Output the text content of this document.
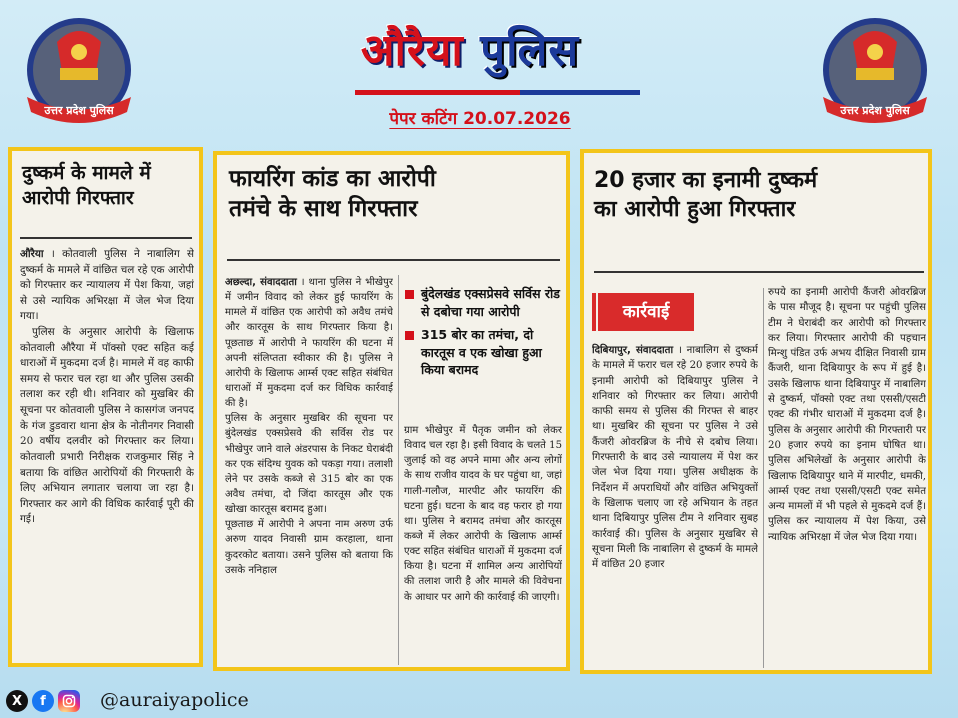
उत्तर प्रदेश पुलिस	उत्तर प्रदेश पुलिस
औरैया पुलिस
पेपर कटिंग 20.07.2026
दुष्कर्म के मामले में
आरोपी गिरफ्तार

औरैया । कोतवाली पुलिस ने नाबालिग से दुष्कर्म के मामले में वांछित चल रहे एक आरोपी को गिरफ्तार कर न्यायालय में पेश किया, जहां से उसे न्यायिक अभिरक्षा में जेल भेज दिया गया।

पुलिस के अनुसार आरोपी के खिलाफ कोतवाली औरैया में पॉक्सो एक्ट सहित कई धाराओं में मुकदमा दर्ज है। मामले में वह काफी समय से फरार चल रहा था और पुलिस उसकी तलाश कर रही थी। शनिवार को मुखबिर की सूचना पर कोतवाली पुलिस ने कासगंज जनपद के गंज डुडवारा थाना क्षेत्र के नोतीनगर निवासी 20 वर्षीय दलवीर को गिरफ्तार कर लिया। कोतवाली प्रभारी निरीक्षक राजकुमार सिंह ने बताया कि वांछित आरोपियों की गिरफ्तारी के लिए अभियान लगातार चलाया जा रहा है। गिरफ्तार कर आगे की विधिक कार्रवाई पूरी की गई।

फायरिंग कांड का आरोपी
तमंचे के साथ गिरफ्तार

अछल्दा, संवाददाता । थाना पुलिस ने भीखेपुर में जमीन विवाद को लेकर हुई फायरिंग के मामले में वांछित एक आरोपी को अवैध तमंचे और कारतूस के साथ गिरफ्तार किया है। पूछताछ में आरोपी ने फायरिंग की घटना में अपनी संलिप्तता स्वीकार की है। पुलिस ने आरोपी के खिलाफ आर्म्स एक्ट सहित संबंधित धाराओं में मुकदमा दर्ज कर विधिक कार्रवाई की है।

पुलिस के अनुसार मुखबिर की सूचना पर बुंदेलखंड एक्सप्रेसवे की सर्विस रोड पर भीखेपुर जाने वाले अंडरपास के निकट घेराबंदी कर एक संदिग्ध युवक को पकड़ा गया। तलाशी लेने पर उसके कब्जे से 315 बोर का एक अवैध तमंचा, दो जिंदा कारतूस और एक खोखा कारतूस बरामद हुआ।

पूछताछ में आरोपी ने अपना नाम अरुण उर्फ अरुण यादव निवासी ग्राम करहाला, थाना कुदरकोट बताया। उसने पुलिस को बताया कि उसके ननिहाल

बुंदेलखंड एक्सप्रेसवे सर्विस रोड से दबोचा गया आरोपी
315 बोर का तमंचा, दो कारतूस व एक खोखा हुआ किया बरामद

ग्राम भीखेपुर में पैतृक जमीन को लेकर विवाद चल रहा है। इसी विवाद के चलते 15 जुलाई को वह अपने मामा और अन्य लोगों के साथ राजीव यादव के घर पहुंचा था, जहां गाली-गलौज, मारपीट और फायरिंग की घटना हुई। घटना के बाद वह फरार हो गया था। पुलिस ने बरामद तमंचा और कारतूस कब्जे में लेकर आरोपी के खिलाफ आर्म्स एक्ट सहित संबंधित धाराओं में मुकदमा दर्ज किया है। घटना में शामिल अन्य आरोपियों की तलाश जारी है और मामले की विवेचना के आधार पर आगे की कार्रवाई की जाएगी।

20 हजार का इनामी दुष्कर्म
का आरोपी हुआ गिरफ्तार
कार्रवाई

दिबियापुर, संवाददाता । नाबालिग से दुष्कर्म के मामले में फरार चल रहे 20 हजार रुपये के इनामी आरोपी को दिबियापुर पुलिस ने शनिवार को गिरफ्तार कर लिया। आरोपी काफी समय से पुलिस की गिरफ्त से बाहर था। मुखबिर की सूचना पर पुलिस ने उसे कैंजरी ओवरब्रिज के नीचे से दबोच लिया। गिरफ्तारी के बाद उसे न्यायालय में पेश कर जेल भेज दिया गया। पुलिस अधीक्षक के निर्देशन में अपराधियों और वांछित अभियुक्तों के खिलाफ चलाए जा रहे अभियान के तहत थाना दिबियापुर पुलिस टीम ने शनिवार सुबह कार्रवाई की। पुलिस के अनुसार मुखबिर से सूचना मिली कि नाबालिग से दुष्कर्म के मामले में वांछित 20 हजार

रुपये का इनामी आरोपी कैंजरी ओवरब्रिज के पास मौजूद है। सूचना पर पहुंची पुलिस टीम ने घेराबंदी कर आरोपी को गिरफ्तार कर लिया। गिरफ्तार आरोपी की पहचान मिन्शु पंडित उर्फ अभय दीक्षित निवासी ग्राम कैंजरी, थाना दिबियापुर के रूप में हुई है। उसके खिलाफ थाना दिबियापुर में नाबालिग से दुष्कर्म, पॉक्सो एक्ट तथा एससी/एसटी एक्ट की गंभीर धाराओं में मुकदमा दर्ज है। पुलिस के अनुसार आरोपी की गिरफ्तारी पर 20 हजार रुपये का इनाम घोषित था। पुलिस अभिलेखों के अनुसार आरोपी के खिलाफ दिबियापुर थाने में मारपीट, धमकी, आर्म्स एक्ट तथा एससी/एसटी एक्ट समेत अन्य मामलों में भी पहले से मुकदमे दर्ज हैं। पुलिस कर न्यायालय में पेश किया, उसे न्यायिक अभिरक्षा में जेल भेज दिया गया।

X	f	@auraiyapolice
